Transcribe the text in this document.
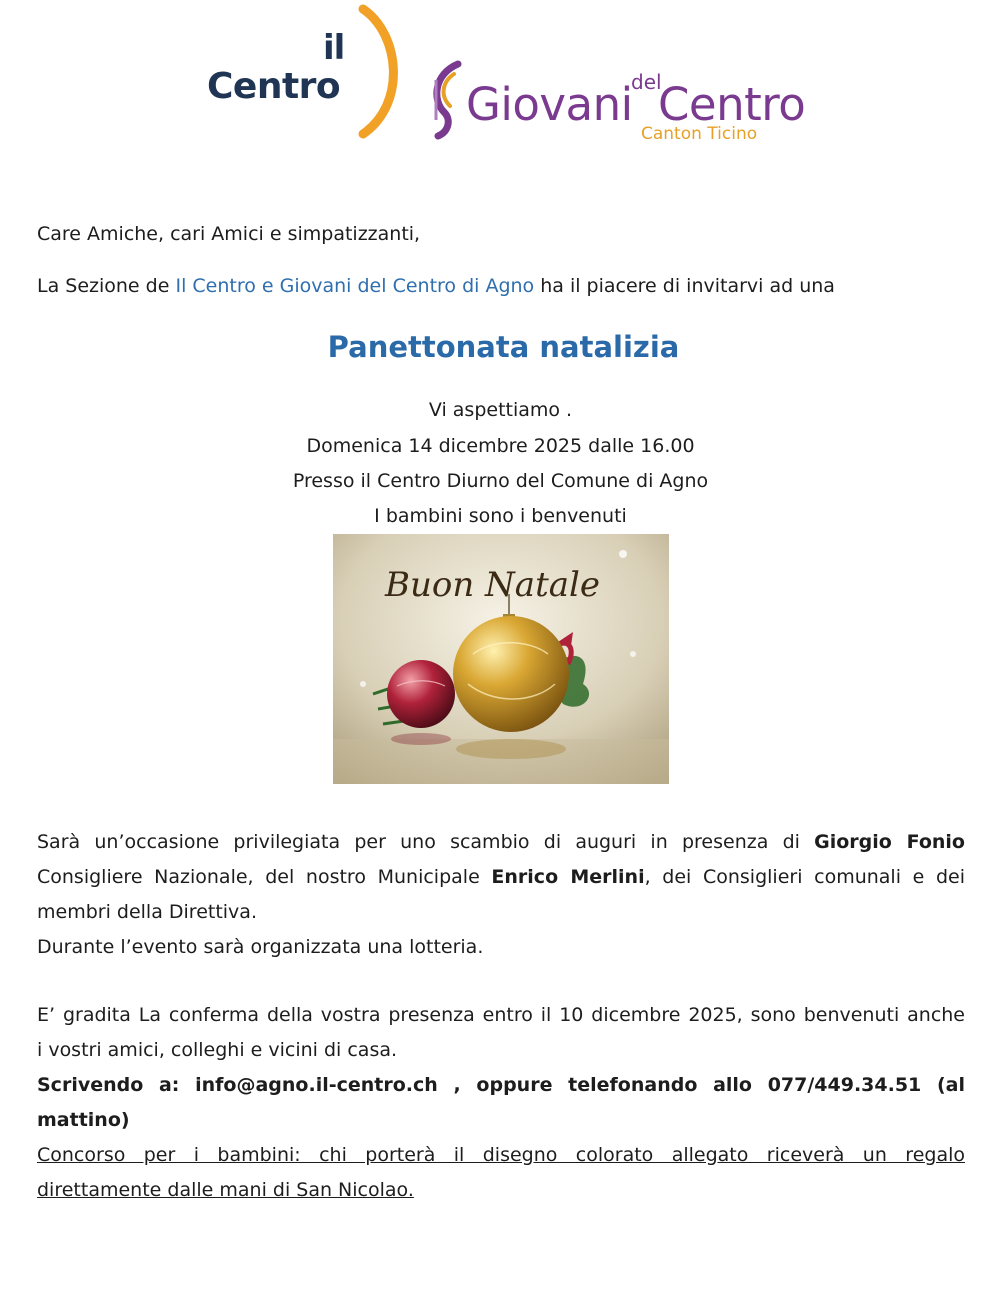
il
Centro	Giovani
del
Centro
Canton Ticino
Care Amiche, cari Amici e simpatizzanti,
La Sezione de Il Centro e Giovani del Centro di Agno ha il piacere di invitarvi ad una
Panettonata natalizia
Vi aspettiamo .
Domenica 14 dicembre 2025 dalle 16.00
Presso il Centro Diurno del Comune di Agno
I bambini sono i benvenuti
Buon Natale
Sarà un’occasione privilegiata per uno scambio di auguri in presenza di Giorgio Fonio
Consigliere Nazionale, del nostro Municipale Enrico Merlini, dei Consiglieri comunali e dei
membri della Direttiva.
Durante l’evento sarà organizzata una lotteria.
E’ gradita La conferma della vostra presenza entro il 10 dicembre 2025, sono benvenuti anche
i vostri amici, colleghi e vicini di casa.
Scrivendo a: info@agno.il-centro.ch , oppure telefonando allo 077/449.34.51 (al mattino)
Concorso per i bambini: chi porterà il disegno colorato allegato riceverà un regalo
direttamente dalle mani di San Nicolao.
